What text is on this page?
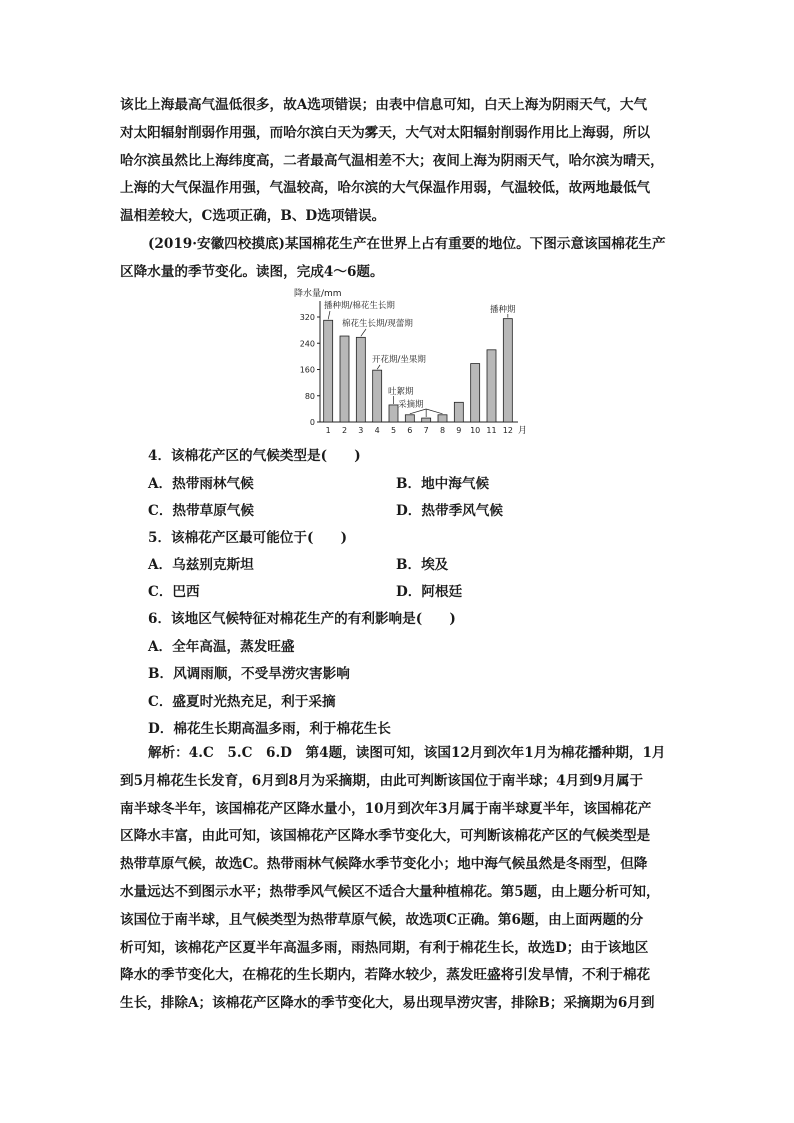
该比上海最高气温低很多，故A选项错误；由表中信息可知，白天上海为阴雨天气，大气
对太阳辐射削弱作用强，而哈尔滨白天为雾天，大气对太阳辐射削弱作用比上海弱，所以
哈尔滨虽然比上海纬度高，二者最高气温相差不大；夜间上海为阴雨天气，哈尔滨为晴天，
上海的大气保温作用强，气温较高，哈尔滨的大气保温作用弱，气温较低，故两地最低气
温相差较大，C选项正确，B、D选项错误。
(2019·安徽四校摸底)某国棉花生产在世界上占有重要的地位。下图示意该国棉花生产
区降水量的季节变化。读图，完成4～6题。
降水量/mm
0
80
160
240
320
1 2 3 4 5 6 7 8 9 10 11 12
播种期/棉花生长期
棉花生长期/现蕾期
开花期/坐果期
吐絮期
采摘期
播种期
月
4．该棉花产区的气候类型是(　　)
A．热带雨林气候	B．地中海气候
C．热带草原气候	D．热带季风气候
5．该棉花产区最可能位于(　　)
A．乌兹别克斯坦	B．埃及
C．巴西	D．阿根廷
6．该地区气候特征对棉花生产的有利影响是(　　)
A．全年高温，蒸发旺盛
B．风调雨顺，不受旱涝灾害影响
C．盛夏时光热充足，利于采摘
D．棉花生长期高温多雨，利于棉花生长
解析：4.C　5.C　6.D　第4题，读图可知，该国12月到次年1月为棉花播种期，1月
到5月棉花生长发育，6月到8月为采摘期，由此可判断该国位于南半球；4月到9月属于
南半球冬半年，该国棉花产区降水量小，10月到次年3月属于南半球夏半年，该国棉花产
区降水丰富，由此可知，该国棉花产区降水季节变化大，可判断该棉花产区的气候类型是
热带草原气候，故选C。热带雨林气候降水季节变化小；地中海气候虽然是冬雨型，但降
水量远达不到图示水平；热带季风气候区不适合大量种植棉花。第5题，由上题分析可知，
该国位于南半球，且气候类型为热带草原气候，故选项C正确。第6题，由上面两题的分
析可知，该棉花产区夏半年高温多雨，雨热同期，有利于棉花生长，故选D；由于该地区
降水的季节变化大，在棉花的生长期内，若降水较少，蒸发旺盛将引发旱情，不利于棉花
生长，排除A；该棉花产区降水的季节变化大，易出现旱涝灾害，排除B；采摘期为6月到
